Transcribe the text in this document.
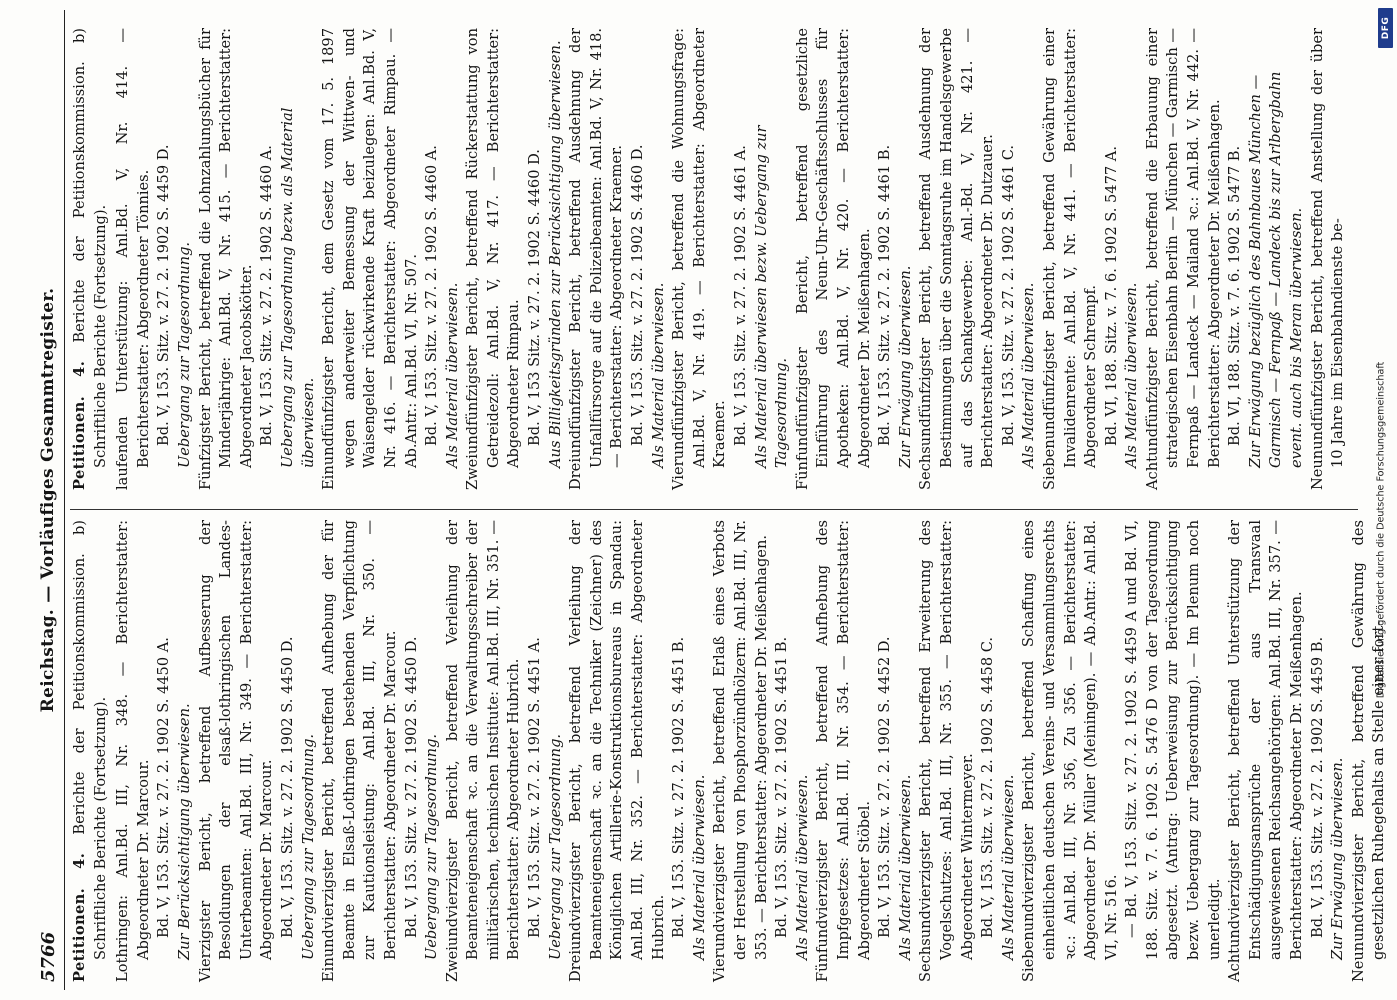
5766
Reichstag. — Vorläufiges Gesammtregister.

Petitionen. 4. Berichte der Petitionskommission. b) Schriftliche Berichte (Fortsetzung). Lothringen: Anl.Bd. III, Nr. 348. — Berichterstatter: Abgeordneter Dr. Marcour. Bd. V, 153. Sitz. v. 27. 2. 1902 S. 4450 A. Zur Berücksichtigung überwiesen. Vierzigster Bericht, betreffend Aufbesserung der Besoldungen der elsaß-lothringischen Landes-Unterbeamten: Anl.Bd. III, Nr. 349. — Berichterstatter: Abgeordneter Dr. Marcour. Bd. V, 153. Sitz. v. 27. 2. 1902 S. 4450 D. Uebergang zur Tagesordnung. Einundvierzigster Bericht, betreffend Aufhebung der für Beamte in Elsaß-Lothringen bestehenden Verpflichtung zur Kautionsleistung: Anl.Bd. III, Nr. 350. — Berichterstatter: Abgeordneter Dr. Marcour. Bd. V, 153. Sitz. v. 27. 2. 1902 S. 4450 D. Uebergang zur Tagesordnung. Zweiundvierzigster Bericht, betreffend Verleihung der Beamteneigenschaft ꝛc. an die Verwaltungsschreiber der militärischen, technischen Institute: Anl.Bd. III, Nr. 351. — Berichterstatter: Abgeordneter Hubrich. Bd. V, 153. Sitz. v. 27. 2. 1902 S. 4451 A. Uebergang zur Tagesordnung. Dreiundvierzigster Bericht, betreffend Verleihung der Beamteneigenschaft ꝛc. an die Techniker (Zeichner) des Königlichen Artillerie-Konstruktionsbureaus in Spandau: Anl.Bd. III, Nr. 352. — Berichterstatter: Abgeordneter Hubrich. Bd. V, 153. Sitz. v. 27. 2. 1902 S. 4451 B. Als Material überwiesen. Vierundvierzigster Bericht, betreffend Erlaß eines Verbots der Herstellung von Phosphorzündhölzern: Anl.Bd. III, Nr. 353. — Berichterstatter: Abgeordneter Dr. Meißenhagen. Bd. V, 153. Sitz. v. 27. 2. 1902 S. 4451 B. Als Material überwiesen. Fünfundvierzigster Bericht, betreffend Aufhebung des Impfgesetzes: Anl.Bd. III, Nr. 354. — Berichterstatter: Abgeordneter Stöbel. Bd. V, 153. Sitz. v. 27. 2. 1902 S. 4452 D. Als Material überwiesen. Sechsundvierzigster Bericht, betreffend Erweiterung des Vogelschutzes: Anl.Bd. III, Nr. 355. — Berichterstatter: Abgeordneter Wintermeyer. Bd. V, 153. Sitz. v. 27. 2. 1902 S. 4458 C. Als Material überwiesen. Siebenundvierzigster Bericht, betreffend Schaffung eines einheitlichen deutschen Vereins- und Versammlungsrechts ꝛc.: Anl.Bd. III, Nr. 356, Zu 356. — Berichterstatter: Abgeordneter Dr. Müller (Meiningen). — Ab.Antr.: Anl.Bd. VI, Nr. 516. — Bd. V, 153. Sitz. v. 27. 2. 1902 S. 4459 A und Bd. VI, 188. Sitz. v. 7. 6. 1902 S. 5476 D von der Tagesordnung abgesetzt. (Antrag: Ueberweisung zur Berücksichtigung bezw. Uebergang zur Tagesordnung). — Im Plenum noch unerledigt. Achtundvierzigster Bericht, betreffend Unterstützung der Entschädigungsansprüche der aus Transvaal ausgewiesenen Reichsangehörigen: Anl.Bd. III, Nr. 357. — Berichterstatter: Abgeordneter Dr. Meißenhagen. Bd. V, 153. Sitz. v. 27. 2. 1902 S. 4459 B. Zur Erwägung überwiesen. Neunundvierzigster Bericht, betreffend Gewährung des gesetzlichen Ruhegehalts an Stelle einer fort-

Petitionen. 4. Berichte der Petitionskommission. b) Schriftliche Berichte (Fortsetzung). laufenden Unterstützung: Anl.Bd. V, Nr. 414. — Berichterstatter: Abgeordneter Tönnies. Bd. V, 153. Sitz. v. 27. 2. 1902 S. 4459 D. Uebergang zur Tagesordnung. Fünfzigster Bericht, betreffend die Lohnzahlungsbücher für Minderjährige: Anl.Bd. V, Nr. 415. — Berichterstatter: Abgeordneter Jacobskötter. Bd. V, 153. Sitz. v. 27. 2. 1902 S. 4460 A. Uebergang zur Tagesordnung bezw. als Material überwiesen. Einundfünfzigster Bericht, dem Gesetz vom 17. 5. 1897 wegen anderweiter Bemessung der Wittwen- und Waisengelder rückwirkende Kraft beizulegen: Anl.Bd. V, Nr. 416. — Berichterstatter: Abgeordneter Rimpau. — Ab.Antr.: Anl.Bd. VI, Nr. 507. Bd. V, 153. Sitz. v. 27. 2. 1902 S. 4460 A. Als Material überwiesen. Zweiundfünfzigster Bericht, betreffend Rückerstattung von Getreidezoll: Anl.Bd. V, Nr. 417. — Berichterstatter: Abgeordneter Rimpau. Bd. V, 153 Sitz. v. 27. 2. 1902 S. 4460 D. Aus Billigkeitsgründen zur Berücksichtigung überwiesen. Dreiundfünfzigster Bericht, betreffend Ausdehnung der Unfallfürsorge auf die Polizeibeamten: Anl.Bd. V, Nr. 418. — Berichterstatter: Abgeordneter Kraemer. Bd. V, 153. Sitz. v. 27. 2. 1902 S. 4460 D. Als Material überwiesen. Vierundfünfzigster Bericht, betreffend die Wohnungsfrage: Anl.Bd. V, Nr. 419. — Berichterstatter: Abgeordneter Kraemer. Bd. V, 153. Sitz. v. 27. 2. 1902 S. 4461 A. Als Material überwiesen bezw. Uebergang zur Tagesordnung. Fünfundfünfzigster Bericht, betreffend gesetzliche Einführung des Neun-Uhr-Geschäftsschlusses für Apotheken: Anl.Bd. V, Nr. 420. — Berichterstatter: Abgeordneter Dr. Meißenhagen. Bd. V, 153. Sitz. v. 27. 2. 1902 S. 4461 B. Zur Erwägung überwiesen. Sechsundfünfzigster Bericht, betreffend Ausdehnung der Bestimmungen über die Sonntagsruhe im Handelsgewerbe auf das Schankgewerbe: Anl.-Bd. V, Nr. 421. — Berichterstatter: Abgeordneter Dr. Dutzauer. Bd. V, 153. Sitz. v. 27. 2. 1902 S. 4461 C. Als Material überwiesen. Siebenundfünfzigster Bericht, betreffend Gewährung einer Invalidenrente: Anl.Bd. V, Nr. 441. — Berichterstatter: Abgeordneter Schrempf. Bd. VI, 188. Sitz. v. 7. 6. 1902 S. 5477 A. Als Material überwiesen. Achtundfünfzigster Bericht, betreffend die Erbauung einer strategischen Eisenbahn Berlin — München — Garmisch — Fernpaß — Landeck — Mailand ꝛc.: Anl.Bd. V, Nr. 442. — Berichterstatter: Abgeordneter Dr. Meißenhagen. Bd. VI, 188. Sitz. v. 7. 6. 1902 S. 5477 B. Zur Erwägung bezüglich des Bahnbaues München — Garmisch — Fernpaß — Landeck bis zur Arlbergbahn event. auch bis Meran überwiesen. Neunundfünfzigster Bericht, betreffend Anstellung der über 10 Jahre im Eisenbahndienste be-

Digitalisierung gefördert durch die Deutsche Forschungsgemeinschaft
DFG
